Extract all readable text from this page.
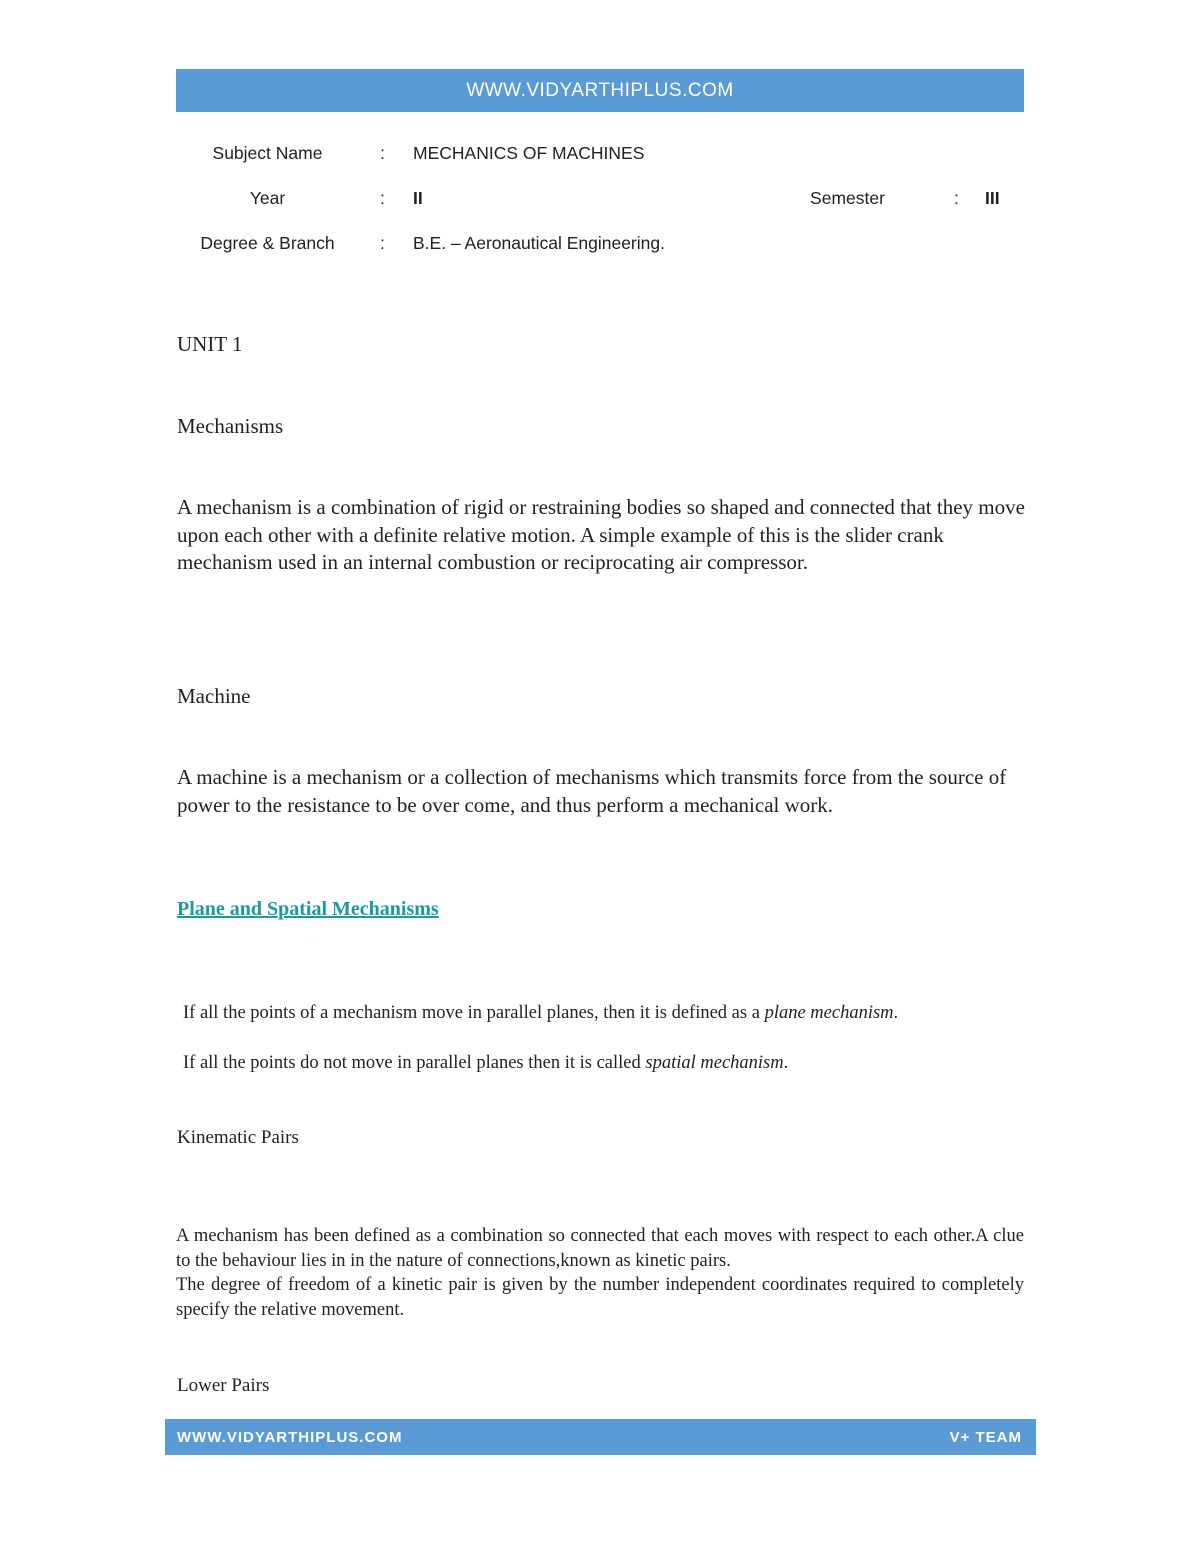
WWW.VIDYARTHIPLUS.COM
Subject Name	: MECHANICS OF MACHINES
Year	: II	Semester	: III
Degree & Branch	: B.E. – Aeronautical Engineering.
UNIT 1
Mechanisms

A mechanism is a combination of rigid or restraining bodies so shaped and connected that they move upon each other with a definite relative motion. A simple example of this is the slider crank mechanism used in an internal combustion or reciprocating air compressor.

Machine

A machine is a mechanism or a collection of mechanisms which transmits force from the source of power to the resistance to be over come, and thus perform a mechanical work.

Plane and Spatial Mechanisms

If all the points of a mechanism move in parallel planes, then it is defined as a plane mechanism.

If all the points do not move in parallel planes then it is called spatial mechanism.

Kinematic Pairs

A mechanism has been defined as a combination so connected that each moves with respect to each other.A clue to the behaviour lies in in the nature of connections,known as kinetic pairs.

The degree of freedom of a kinetic pair is given by the number independent coordinates required to completely specify the relative movement.

Lower Pairs
WWW.VIDYARTHIPLUS.COM	V+ TEAM
